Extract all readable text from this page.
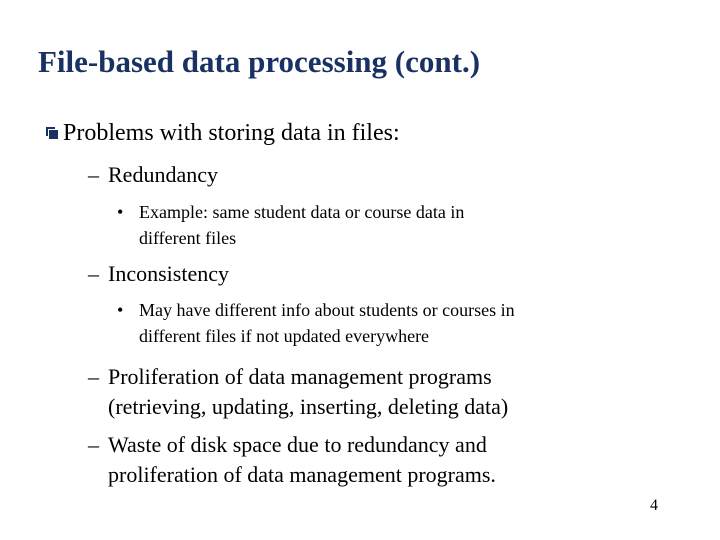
File-based data processing (cont.)
Problems with storing data in files:
– Redundancy
• Example: same student data or course data in
different files
– Inconsistency
• May have different info about students or courses in
different files if not updated everywhere
– Proliferation of data management programs
(retrieving, updating, inserting, deleting data)
– Waste of disk space due to redundancy and
proliferation of data management programs.
4
